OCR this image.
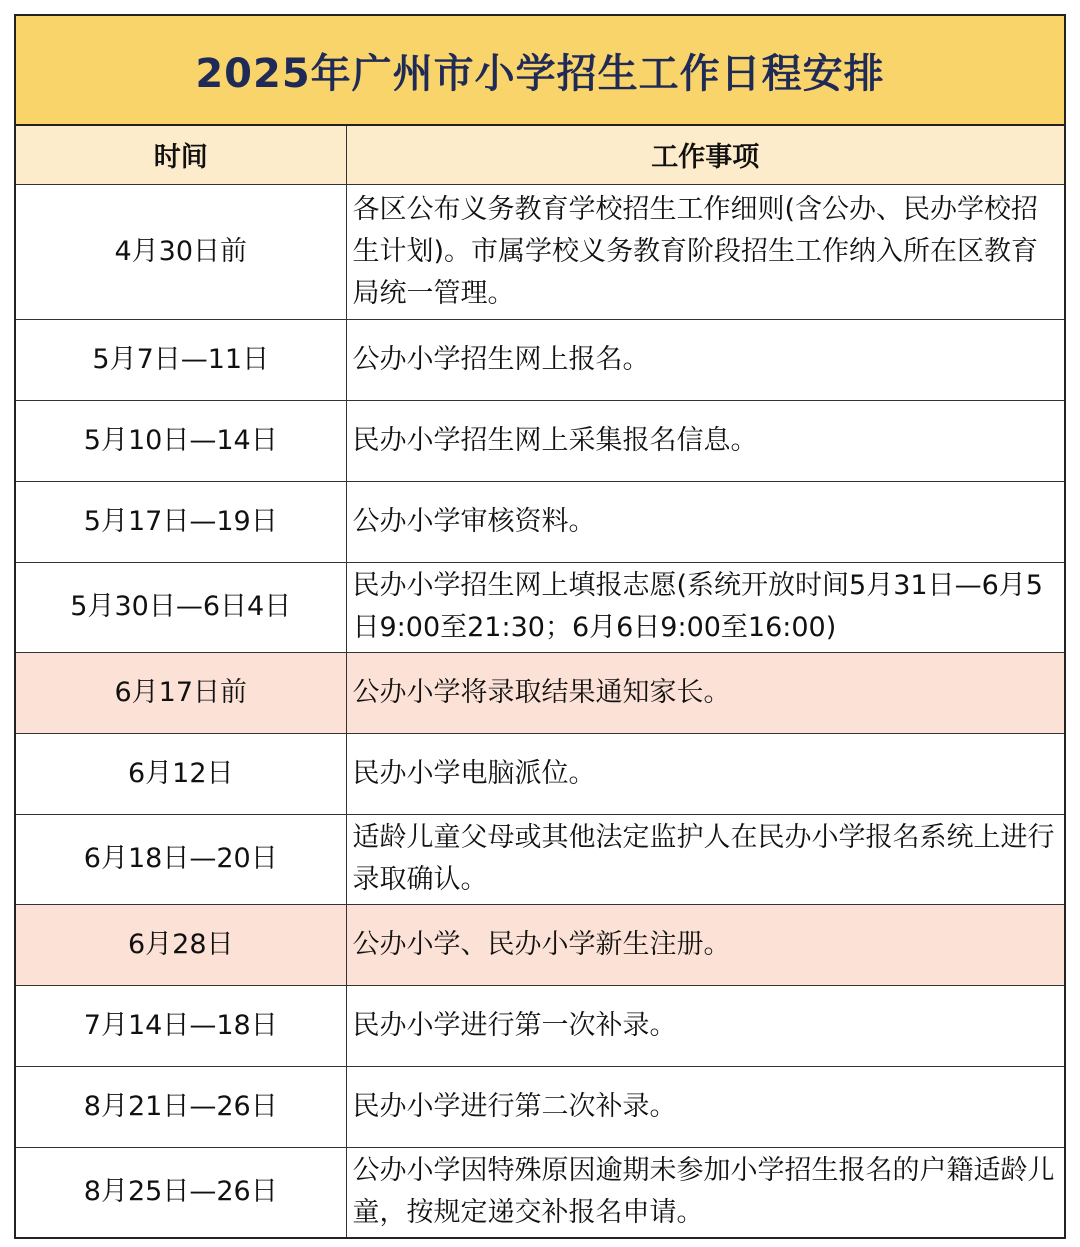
2025年广州市小学招生工作日程安排
时间	工作事项
4月30日前	各区公布义务教育学校招生工作细则(含公办、民办学校招生计划)。市属学校义务教育阶段招生工作纳入所在区教育局统一管理。
5月7日—11日	公办小学招生网上报名。
5月10日—14日	民办小学招生网上采集报名信息。
5月17日—19日	公办小学审核资料。
5月30日—6日4日	民办小学招生网上填报志愿(系统开放时间5月31日—6月5日9:00至21:30；6月6日9:00至16:00)
6月17日前	公办小学将录取结果通知家长。
6月12日	民办小学电脑派位。
6月18日—20日	适龄儿童父母或其他法定监护人在民办小学报名系统上进行录取确认。
6月28日	公办小学、民办小学新生注册。
7月14日—18日	民办小学进行第一次补录。
8月21日—26日	民办小学进行第二次补录。
8月25日—26日	公办小学因特殊原因逾期未参加小学招生报名的户籍适龄儿童，按规定递交补报名申请。
